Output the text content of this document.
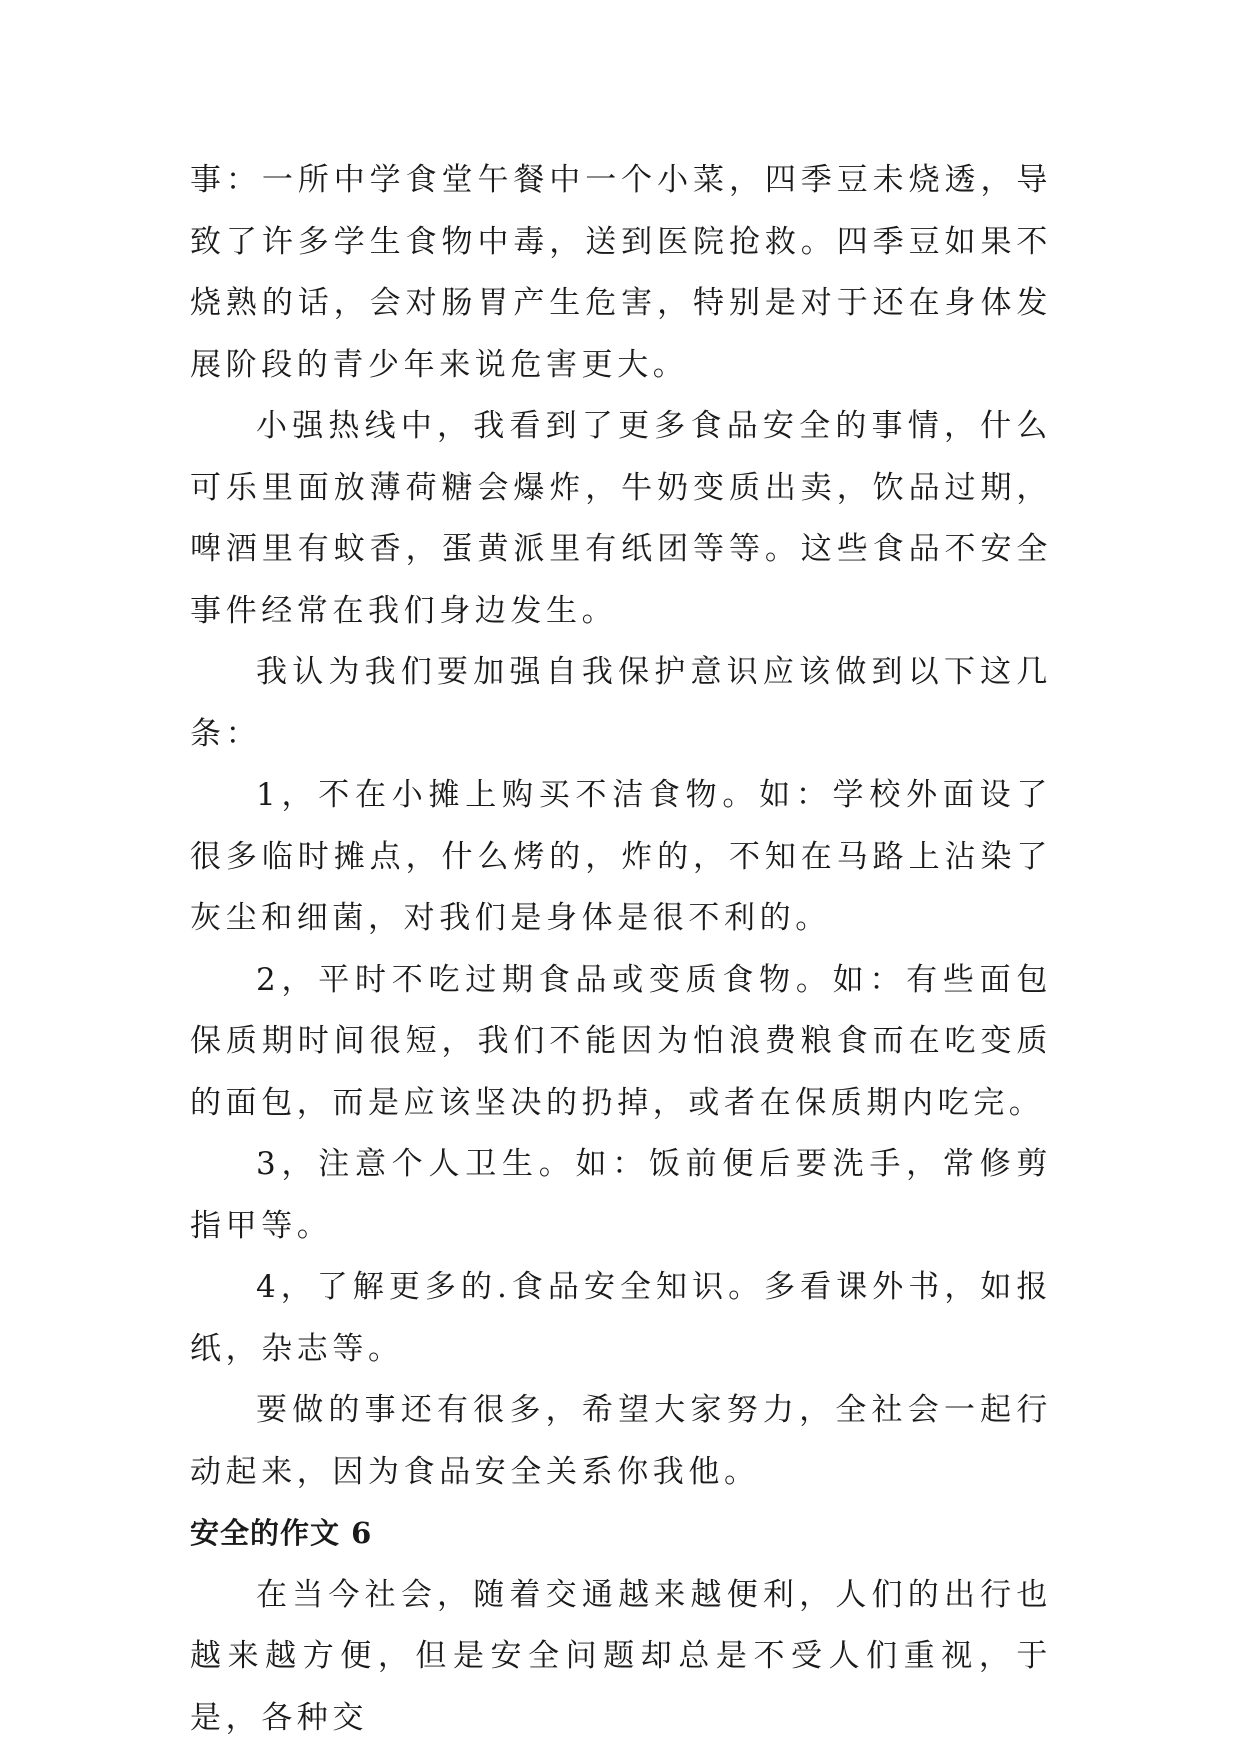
事：一所中学食堂午餐中一个小菜，四季豆未烧透，导致了许多学生食物中毒，送到医院抢救。四季豆如果不烧熟的话，会对肠胃产生危害，特别是对于还在身体发展阶段的青少年来说危害更大。

小强热线中，我看到了更多食品安全的事情，什么可乐里面放薄荷糖会爆炸，牛奶变质出卖，饮品过期，啤酒里有蚊香，蛋黄派里有纸团等等。这些食品不安全事件经常在我们身边发生。

我认为我们要加强自我保护意识应该做到以下这几条：

1，不在小摊上购买不洁食物。如：学校外面设了很多临时摊点，什么烤的，炸的，不知在马路上沾染了灰尘和细菌，对我们是身体是很不利的。

2，平时不吃过期食品或变质食物。如：有些面包保质期时间很短，我们不能因为怕浪费粮食而在吃变质的面包，而是应该坚决的扔掉，或者在保质期内吃完。

3，注意个人卫生。如：饭前便后要洗手，常修剪指甲等。

4，了解更多的.食品安全知识。多看课外书，如报纸，杂志等。

要做的事还有很多，希望大家努力，全社会一起行动起来，因为食品安全关系你我他。

安全的作文 6

在当今社会，随着交通越来越便利，人们的出行也越来越方便，但是安全问题却总是不受人们重视，于是，各种交
